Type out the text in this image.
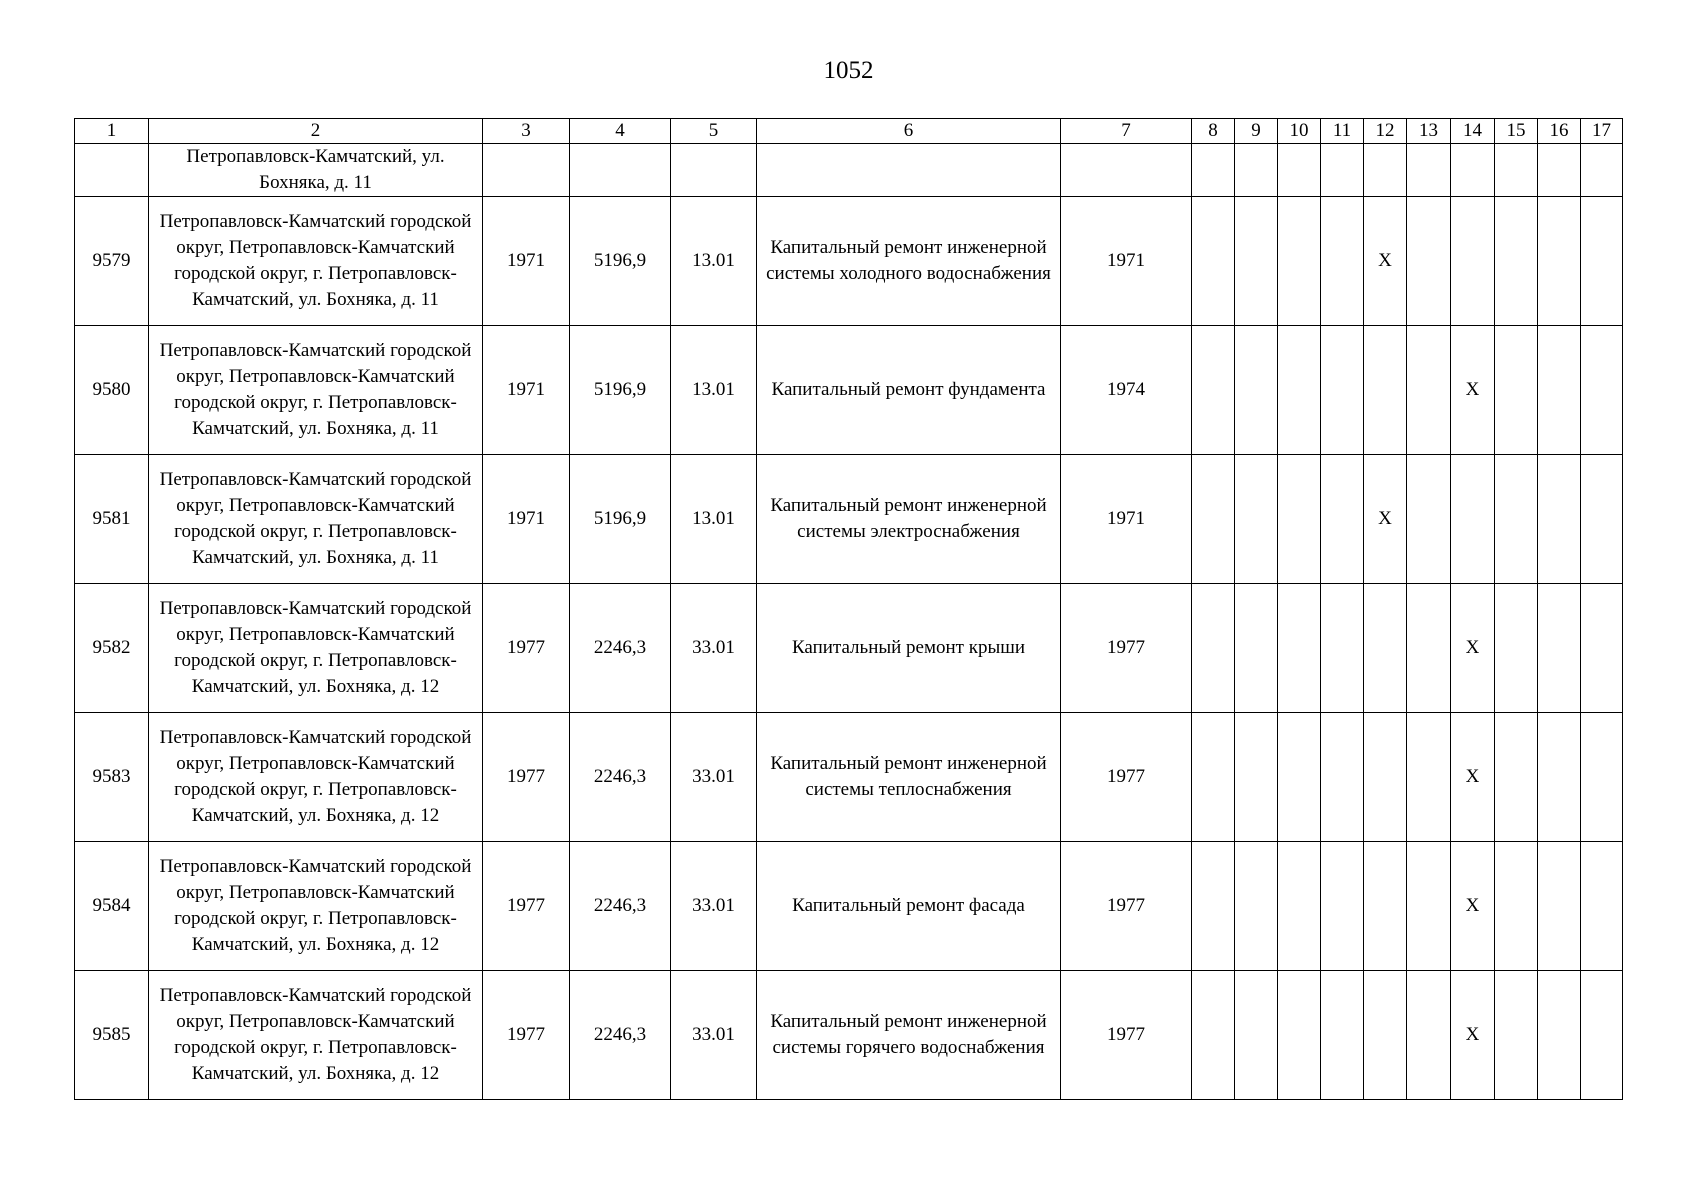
1052
1	2	3	4	5	6	7	8	9	10	11	12	13	14	15	16	17
	Петропавловск-Камчатский, ул. Бохняка, д. 11															
9579	Петропавловск-Камчатский городской округ, Петропавловск-Камчатский городской округ, г. Петропавловск-Камчатский, ул. Бохняка, д. 11	1971	5196,9	13.01	Капитальный ремонт инженерной системы холодного водоснабжения	1971					X					
9580	Петропавловск-Камчатский городской округ, Петропавловск-Камчатский городской округ, г. Петропавловск-Камчатский, ул. Бохняка, д. 11	1971	5196,9	13.01	Капитальный ремонт фундамента	1974							X			
9581	Петропавловск-Камчатский городской округ, Петропавловск-Камчатский городской округ, г. Петропавловск-Камчатский, ул. Бохняка, д. 11	1971	5196,9	13.01	Капитальный ремонт инженерной системы электроснабжения	1971					X					
9582	Петропавловск-Камчатский городской округ, Петропавловск-Камчатский городской округ, г. Петропавловск-Камчатский, ул. Бохняка, д. 12	1977	2246,3	33.01	Капитальный ремонт крыши	1977							X			
9583	Петропавловск-Камчатский городской округ, Петропавловск-Камчатский городской округ, г. Петропавловск-Камчатский, ул. Бохняка, д. 12	1977	2246,3	33.01	Капитальный ремонт инженерной системы теплоснабжения	1977							X			
9584	Петропавловск-Камчатский городской округ, Петропавловск-Камчатский городской округ, г. Петропавловск-Камчатский, ул. Бохняка, д. 12	1977	2246,3	33.01	Капитальный ремонт фасада	1977							X			
9585	Петропавловск-Камчатский городской округ, Петропавловск-Камчатский городской округ, г. Петропавловск-Камчатский, ул. Бохняка, д. 12	1977	2246,3	33.01	Капитальный ремонт инженерной системы горячего водоснабжения	1977							X			
